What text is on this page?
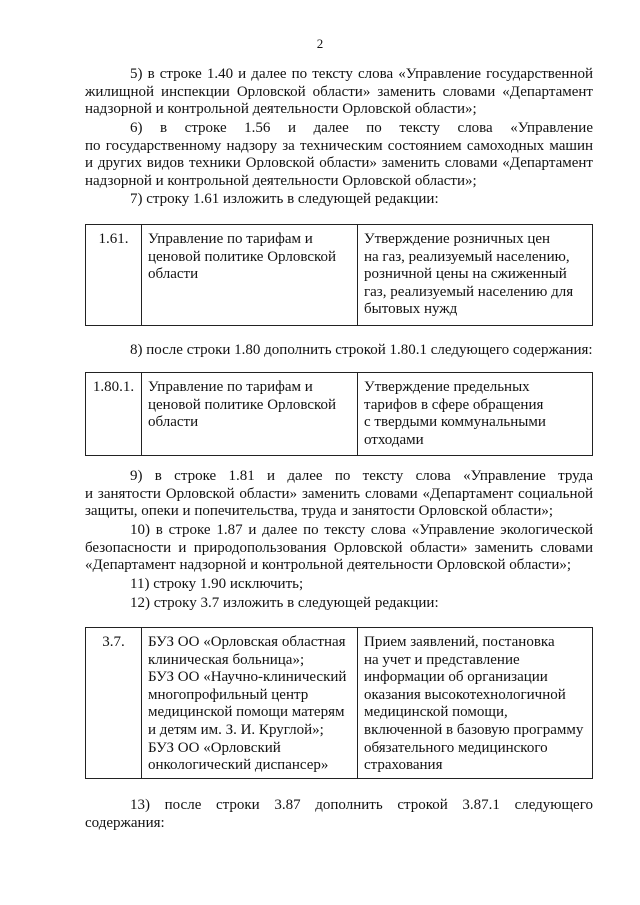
2
5) в строке 1.40 и далее по тексту слова «Управление государственной
жилищной инспекции Орловской области» заменить словами «Департамент
надзорной и контрольной деятельности Орловской области»;
6) в строке 1.56 и далее по тексту слова «Управление
по государственному надзору за техническим состоянием самоходных машин
и других видов техники Орловской области» заменить словами «Департамент
надзорной и контрольной деятельности Орловской области»;
7) строку 1.61 изложить в следующей редакции:
1.61.	Управление по тарифам и
ценовой политике Орловской
области
Утверждение розничных цен
на газ, реализуемый населению,
розничной цены на сжиженный
газ, реализуемый населению для
бытовых нужд
8) после строки 1.80 дополнить строкой 1.80.1 следующего содержания:
1.80.1. Управление по тарифам и
ценовой политике Орловской
области
Утверждение предельных
тарифов в сфере обращения
с твердыми коммунальными
отходами
9) в строке 1.81 и далее по тексту слова «Управление труда
и занятости Орловской области» заменить словами «Департамент социальной
защиты, опеки и попечительства, труда и занятости Орловской области»;
10) в строке 1.87 и далее по тексту слова «Управление экологической
безопасности и природопользования Орловской области» заменить словами
«Департамент надзорной и контрольной деятельности Орловской области»;
11) строку 1.90 исключить;
12) строку 3.7 изложить в следующей редакции:
3.7.	БУЗ ОО «Орловская областная
клиническая больница»;
БУЗ ОО «Научно-клинический
многопрофильный центр
медицинской помощи матерям
и детям им. З. И. Круглой»;
БУЗ ОО «Орловский
онкологический диспансер»
Прием заявлений, постановка
на учет и представление
информации об организации
оказания высокотехнологичной
медицинской помощи,
включенной в базовую программу
обязательного медицинского
страхования
13) после строки 3.87 дополнить строкой 3.87.1 следующего
содержания:
